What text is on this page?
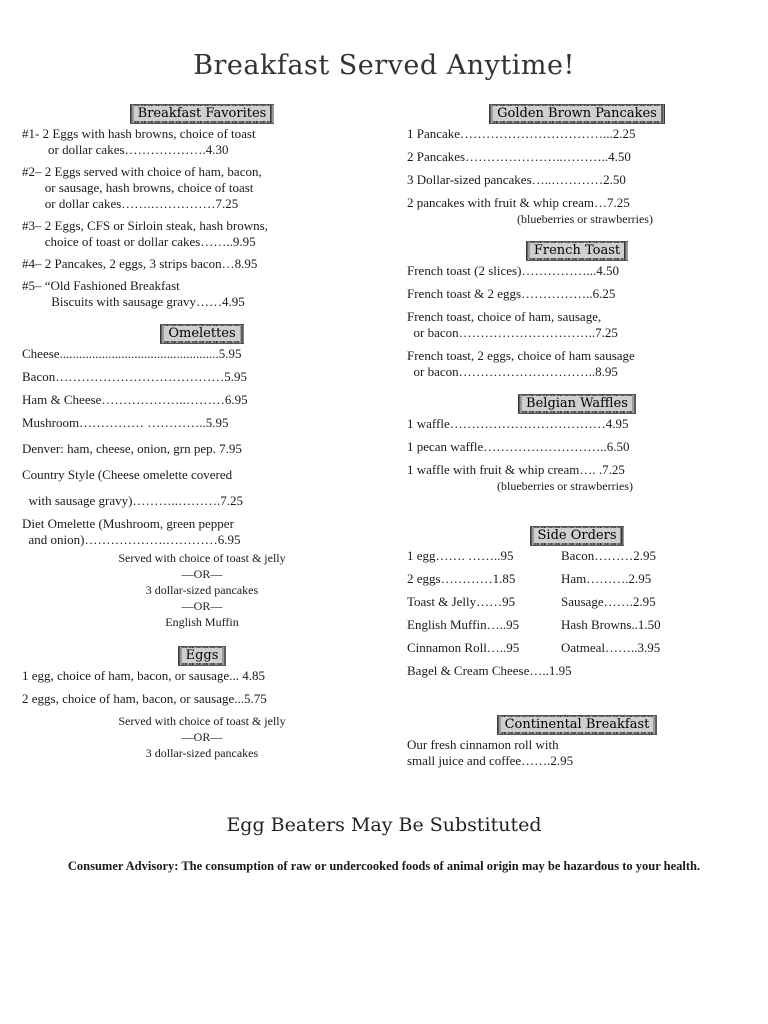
Breakfast Served Anytime!
Breakfast Favorites

#1- 2 Eggs with hash browns, choice of toast

or dollar cakes……………….4.30

#2– 2 Eggs served with choice of ham, bacon,

or sausage, hash browns, choice of toast

or dollar cakes…….……………7.25

#3– 2 Eggs, CFS or Sirloin steak, hash browns,

choice of toast or dollar cakes……..9.95

#4– 2 Pancakes, 2 eggs, 3 strips bacon…8.95

#5– “Old Fashioned Breakfast

Biscuits with sausage gravy……4.95

Omelettes

Cheese.................................................5.95

Bacon…………………………………5.95

Ham & Cheese………………..………6.95

Mushroom…………… …………..5.95

Denver: ham, cheese, onion, grn pep. 7.95

Country Style (Cheese omelette covered

with sausage gravy)………..……….7.25

Diet Omelette (Mushroom, green pepper

and onion)……………….…………6.95

Served with choice of toast & jelly

—OR—

3 dollar-sized pancakes

—OR—

English Muffin

Eggs

1 egg, choice of ham, bacon, or sausage... 4.85

2 eggs, choice of ham, bacon, or sausage...5.75

Served with choice of toast & jelly

—OR—

3 dollar-sized pancakes

Golden Brown Pancakes

1 Pancake……………………………...2.25

2 Pancakes…………………..………..4.50

3 Dollar-sized pancakes…..…………2.50

2 pancakes with fruit & whip cream…7.25

(blueberries or strawberries)

French Toast

French toast (2 slices)……………...4.50

French toast & 2 eggs……………..6.25

French toast, choice of ham, sausage,

or bacon…………………………..7.25

French toast, 2 eggs, choice of ham sausage

or bacon…………………………..8.95

Belgian Waffles

1 waffle………………………………4.95

1 pecan waffle………………………..6.50

1 waffle with fruit & whip cream…. .7.25

(blueberries or strawberries)

Side Orders

1 egg……. ……..95

2 eggs…………1.85

Toast & Jelly……95

English Muffin…..95

Cinnamon Roll…..95

Bacon………2.95

Ham……….2.95

Sausage…….2.95

Hash Browns..1.50

Oatmeal……..3.95

Bagel & Cream Cheese…..1.95

Continental Breakfast

Our fresh cinnamon roll with

small juice and coffee…….2.95

Egg Beaters May Be Substituted
Consumer Advisory: The consumption of raw or undercooked foods of animal origin may be hazardous to your health.
